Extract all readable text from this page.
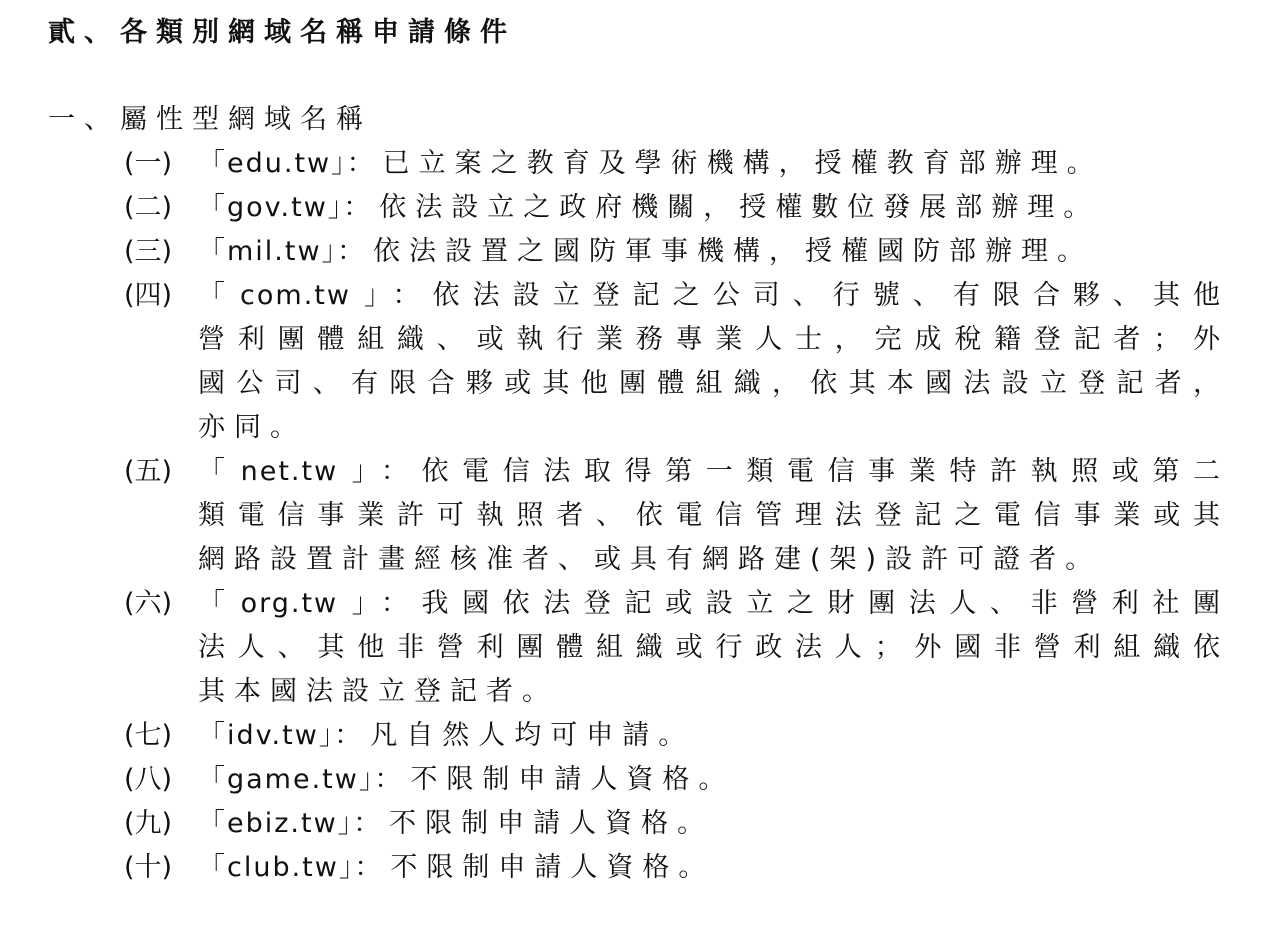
貳、各類別網域名稱申請條件
一、屬性型網域名稱
(一) 「edu.tw」：已立案之教育及學術機構，授權教育部辦理。
(二) 「gov.tw」：依法設立之政府機關，授權數位發展部辦理。
(三) 「mil.tw」：依法設置之國防軍事機構，授權國防部辦理。
(四) 「com.tw」：依法設立登記之公司、行號、有限合夥、其他
營利團體組織、或執行業務專業人士，完成稅籍登記者；外
國公司、有限合夥或其他團體組織，依其本國法設立登記者，
亦同。
(五) 「net.tw」：依電信法取得第一類電信事業特許執照或第二
類電信事業許可執照者、依電信管理法登記之電信事業或其
網路設置計畫經核准者、或具有網路建(架)設許可證者。
(六) 「org.tw」：我國依法登記或設立之財團法人、非營利社團
法人、其他非營利團體組織或行政法人；外國非營利組織依
其本國法設立登記者。
(七) 「idv.tw」：凡自然人均可申請。
(八) 「game.tw」：不限制申請人資格。
(九) 「ebiz.tw」：不限制申請人資格。
(十) 「club.tw」：不限制申請人資格。
